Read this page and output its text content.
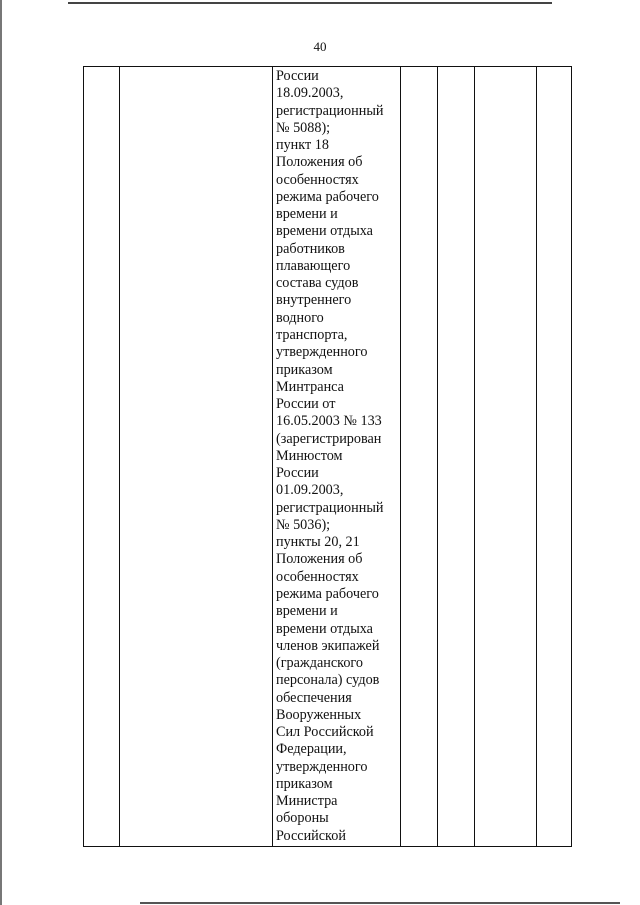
40
России
18.09.2003,
регистрационный
№ 5088);
пункт 18
Положения об
особенностях
режима рабочего
времени и
времени отдыха
работников
плавающего
состава судов
внутреннего
водного
транспорта,
утвержденного
приказом
Минтранса
России от
16.05.2003 № 133
(зарегистрирован
Минюстом
России
01.09.2003,
регистрационный
№ 5036);
пункты 20, 21
Положения об
особенностях
режима рабочего
времени и
времени отдыха
членов экипажей
(гражданского
персонала) судов
обеспечения
Вооруженных
Сил Российской
Федерации,
утвержденного
приказом
Министра
обороны
Российской
